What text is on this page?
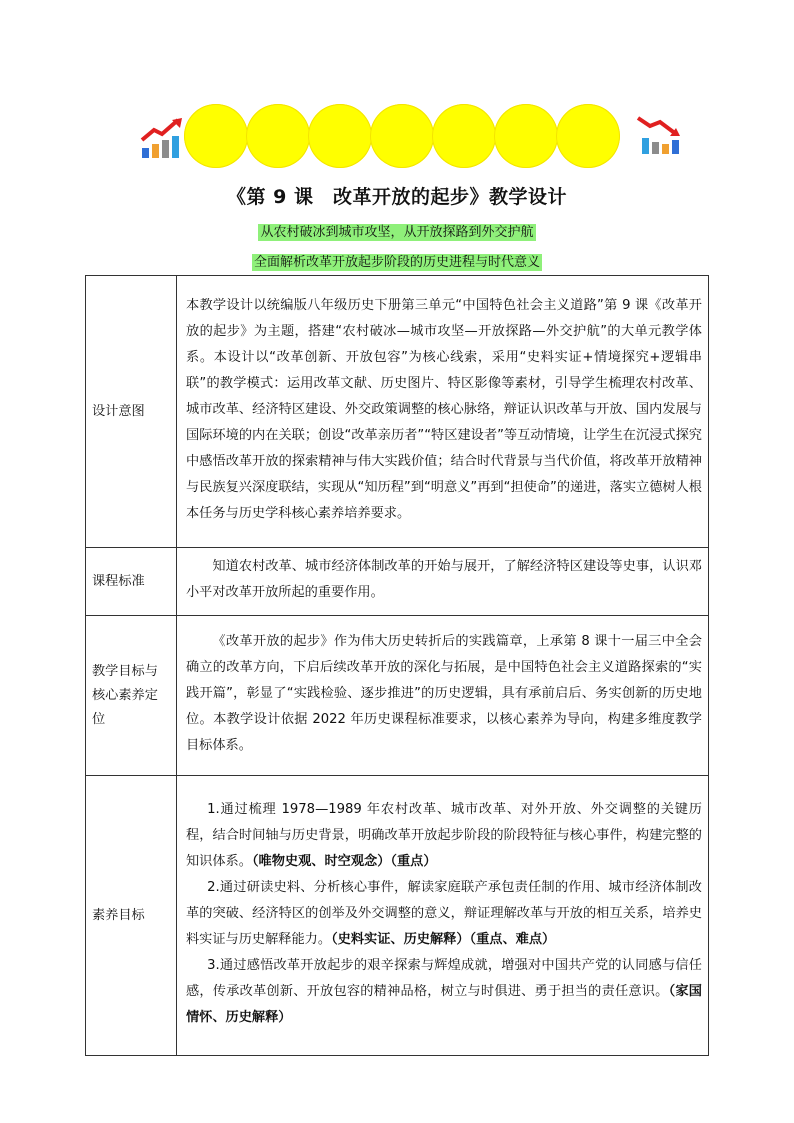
《第 9 课　改革开放的起步》教学设计
从农村破冰到城市攻坚，从开放探路到外交护航
全面解析改革开放起步阶段的历史进程与时代意义
设计意图	本教学设计以统编版八年级历史下册第三单元“中国特色社会主义道路”第 9 课《改革开放的起步》为主题，搭建“农村破冰—城市攻坚—开放探路—外交护航”的大单元教学体系。本设计以“改革创新、开放包容”为核心线索，采用“史料实证+情境探究+逻辑串联”的教学模式：运用改革文献、历史图片、特区影像等素材，引导学生梳理农村改革、城市改革、经济特区建设、外交政策调整的核心脉络，辩证认识改革与开放、国内发展与国际环境的内在关联；创设“改革亲历者”“特区建设者”等互动情境，让学生在沉浸式探究中感悟改革开放的探索精神与伟大实践价值；结合时代背景与当代价值，将改革开放精神与民族复兴深度联结，实现从“知历程”到“明意义”再到“担使命”的递进，落实立德树人根本任务与历史学科核心素养培养要求。

课程标准	知道农村改革、城市经济体制改革的开始与展开，了解经济特区建设等史事，认识邓小平对改革开放所起的重要作用。

教学目标与核心素养定位	《改革开放的起步》作为伟大历史转折后的实践篇章，上承第 8 课十一届三中全会确立的改革方向，下启后续改革开放的深化与拓展，是中国特色社会主义道路探索的“实践开篇”，彰显了“实践检验、逐步推进”的历史逻辑，具有承前启后、务实创新的历史地位。本教学设计依据 2022 年历史课程标准要求，以核心素养为导向，构建多维度教学目标体系。

素养目标	1.通过梳理 1978—1989 年农村改革、城市改革、对外开放、外交调整的关键历程，结合时间轴与历史背景，明确改革开放起步阶段的阶段特征与核心事件，构建完整的知识体系。（唯物史观、时空观念）（重点）

2.通过研读史料、分析核心事件，解读家庭联产承包责任制的作用、城市经济体制改革的突破、经济特区的创举及外交调整的意义，辩证理解改革与开放的相互关系，培养史料实证与历史解释能力。（史料实证、历史解释）（重点、难点）

3.通过感悟改革开放起步的艰辛探索与辉煌成就，增强对中国共产党的认同感与信任感，传承改革创新、开放包容的精神品格，树立与时俱进、勇于担当的责任意识。（家国情怀、历史解释）
